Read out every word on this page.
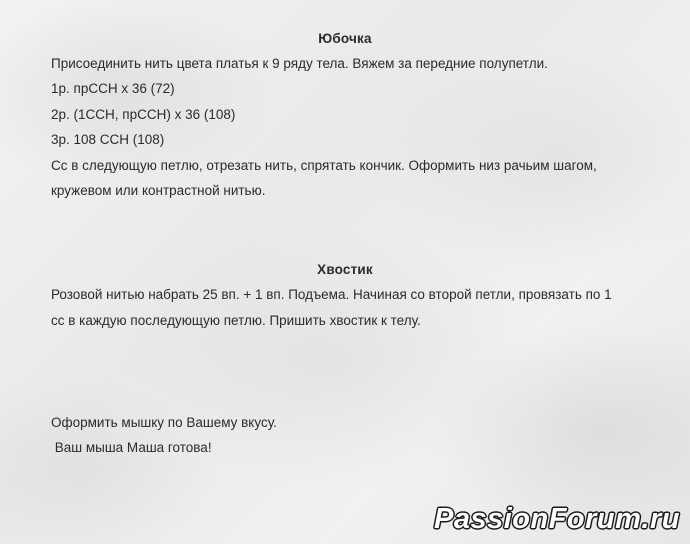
Юбочка
Присоединить нить цвета платья к 9 ряду тела. Вяжем за передние полупетли.
1р. прССН х 36 (72)
2р. (1ССН, прССН) х 36 (108)
3р. 108 ССН (108)
Сс в следующую петлю, отрезать нить, спрятать кончик. Оформить низ рачьим шагом,
кружевом или контрастной нитью.
Хвостик
Розовой нитью набрать 25 вп. + 1 вп. Подъема. Начиная со второй петли, провязать по 1
сс в каждую последующую петлю. Пришить хвостик к телу.
Оформить мышку по Вашему вкусу.
Ваш мыша Маша готова!
PassionForum.ru
